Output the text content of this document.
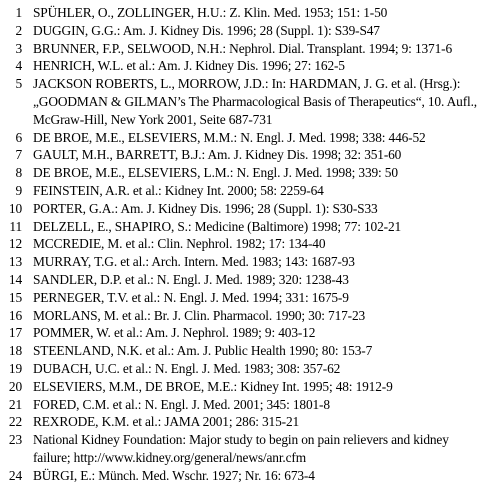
1 SPÜHLER, O., ZOLLINGER, H.U.: Z. Klin. Med. 1953; 151: 1-50
2 DUGGIN, G.G.: Am. J. Kidney Dis. 1996; 28 (Suppl. 1): S39-S47
3 BRUNNER, F.P., SELWOOD, N.H.: Nephrol. Dial. Transplant. 1994; 9: 1371-6
4 HENRICH, W.L. et al.: Am. J. Kidney Dis. 1996; 27: 162-5
5 JACKSON ROBERTS, L., MORROW, J.D.: In: HARDMAN, J. G. et al. (Hrsg.): „GOODMAN & GILMAN’s The Pharmacological Basis of Therapeutics“, 10. Aufl., McGraw-Hill, New York 2001, Seite 687-731
6 DE BROE, M.E., ELSEVIERS, M.M.: N. Engl. J. Med. 1998; 338: 446-52
7 GAULT, M.H., BARRETT, B.J.: Am. J. Kidney Dis. 1998; 32: 351-60
8 DE BROE, M.E., ELSEVIERS, L.M.: N. Engl. J. Med. 1998; 339: 50
9 FEINSTEIN, A.R. et al.: Kidney Int. 2000; 58: 2259-64
10 PORTER, G.A.: Am. J. Kidney Dis. 1996; 28 (Suppl. 1): S30-S33
11 DELZELL, E., SHAPIRO, S.: Medicine (Baltimore) 1998; 77: 102-21
12 MCCREDIE, M. et al.: Clin. Nephrol. 1982; 17: 134-40
13 MURRAY, T.G. et al.: Arch. Intern. Med. 1983; 143: 1687-93
14 SANDLER, D.P. et al.: N. Engl. J. Med. 1989; 320: 1238-43
15 PERNEGER, T.V. et al.: N. Engl. J. Med. 1994; 331: 1675-9
16 MORLANS, M. et al.: Br. J. Clin. Pharmacol. 1990; 30: 717-23
17 POMMER, W. et al.: Am. J. Nephrol. 1989; 9: 403-12
18 STEENLAND, N.K. et al.: Am. J. Public Health 1990; 80: 153-7
19 DUBACH, U.C. et al.: N. Engl. J. Med. 1983; 308: 357-62
20 ELSEVIERS, M.M., DE BROE, M.E.: Kidney Int. 1995; 48: 1912-9
21 FORED, C.M. et al.: N. Engl. J. Med. 2001; 345: 1801-8
22 REXRODE, K.M. et al.: JAMA 2001; 286: 315-21
23 National Kidney Foundation: Major study to begin on pain relievers and kidney failure; http://www.kidney.org/general/news/anr.cfm
24 BÜRGI, E.: Münch. Med. Wschr. 1927; Nr. 16: 673-4
